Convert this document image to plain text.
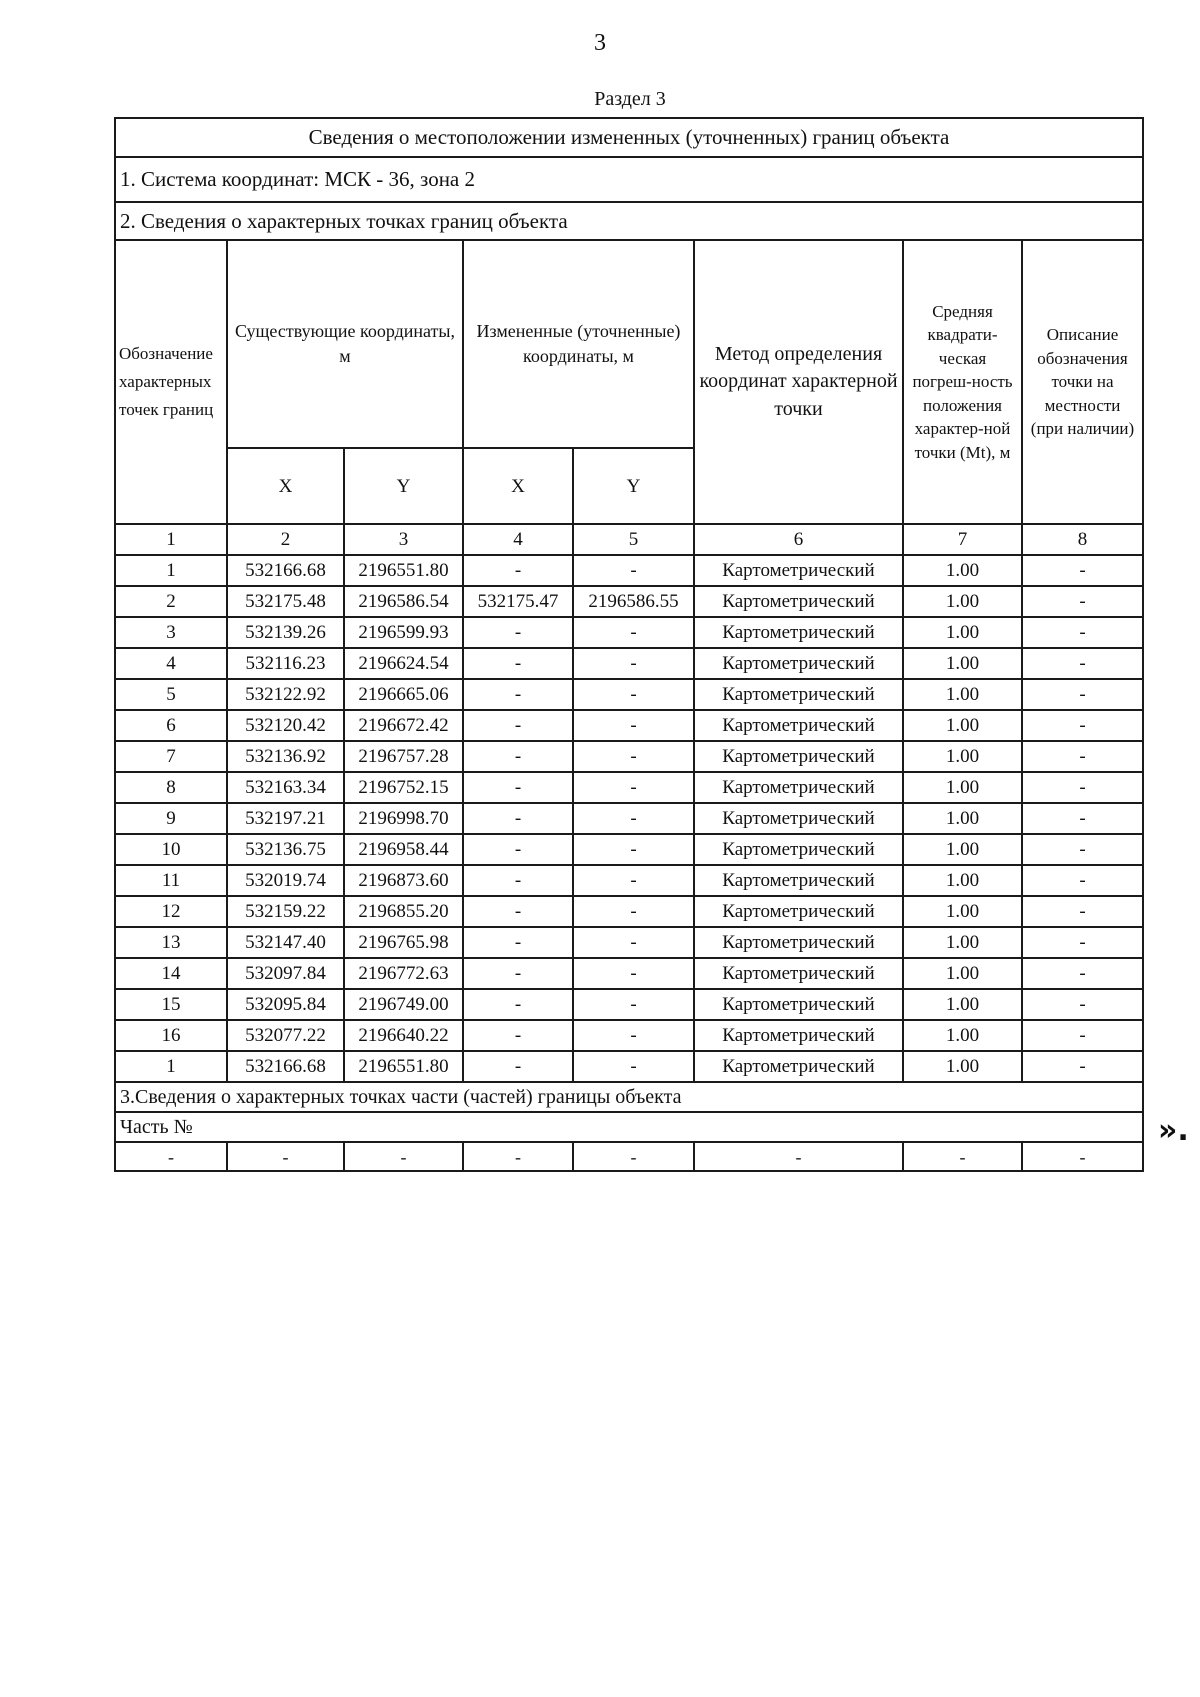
3
Раздел 3
Сведения о местоположении измененных (уточненных) границ объекта							
1. Система координат: МСК - 36, зона 2							
2. Сведения о характерных точках границ объекта							
Обозначение характерных точек границ	Существующие координаты, м		Измененные (уточненные) координаты, м		Метод определения координат характерной точки	Средняя квадрати-ческая погреш-ность положения характер-ной точки (Mt), м	Описание обозначения точки на местности (при наличии)
	X	Y	X	Y			
1	2	3	4	5	6	7	8
1	532166.68	2196551.80	-	-	Картометрический	1.00	-
2	532175.48	2196586.54	532175.47	2196586.55	Картометрический	1.00	-
3	532139.26	2196599.93	-	-	Картометрический	1.00	-
4	532116.23	2196624.54	-	-	Картометрический	1.00	-
5	532122.92	2196665.06	-	-	Картометрический	1.00	-
6	532120.42	2196672.42	-	-	Картометрический	1.00	-
7	532136.92	2196757.28	-	-	Картометрический	1.00	-
8	532163.34	2196752.15	-	-	Картометрический	1.00	-
9	532197.21	2196998.70	-	-	Картометрический	1.00	-
10	532136.75	2196958.44	-	-	Картометрический	1.00	-
11	532019.74	2196873.60	-	-	Картометрический	1.00	-
12	532159.22	2196855.20	-	-	Картометрический	1.00	-
13	532147.40	2196765.98	-	-	Картометрический	1.00	-
14	532097.84	2196772.63	-	-	Картометрический	1.00	-
15	532095.84	2196749.00	-	-	Картометрический	1.00	-
16	532077.22	2196640.22	-	-	Картометрический	1.00	-
1	532166.68	2196551.80	-	-	Картометрический	1.00	-
3.Сведения о характерных точках части (частей) границы объекта							
Часть №							
-	-	-	-	-	-	-	-
».
